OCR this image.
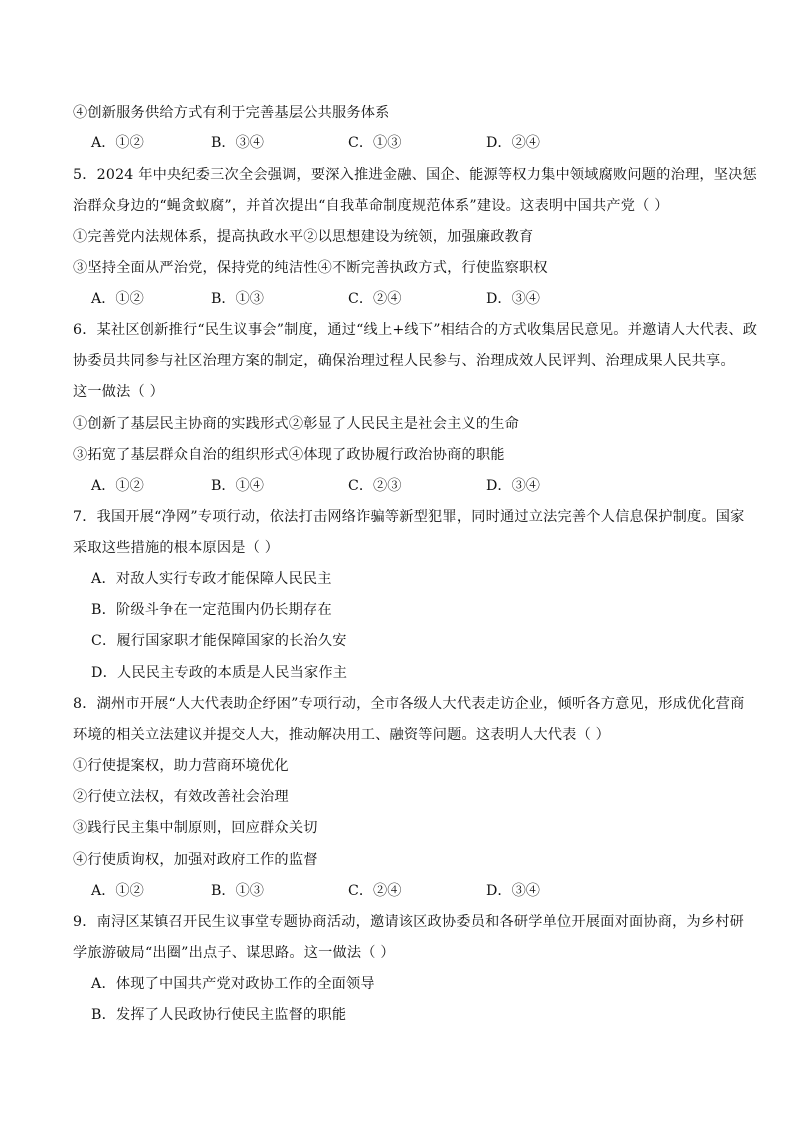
④创新服务供给方式有利于完善基层公共服务体系
A．①②	B．③④	C．①③	D．②④
5．2024 年中央纪委三次全会强调，要深入推进金融、国企、能源等权力集中领域腐败问题的治理，坚决惩
治群众身边的“蝇贪蚁腐”，并首次提出“自我革命制度规范体系”建设。这表明中国共产党（ ）
①完善党内法规体系，提高执政水平②以思想建设为统领，加强廉政教育
③坚持全面从严治党，保持党的纯洁性④不断完善执政方式，行使监察职权
A．①②	B．①③	C．②④	D．③④
6．某社区创新推行“民生议事会”制度，通过“线上+线下”相结合的方式收集居民意见。并邀请人大代表、政
协委员共同参与社区治理方案的制定，确保治理过程人民参与、治理成效人民评判、治理成果人民共享。
这一做法（ ）
①创新了基层民主协商的实践形式②彰显了人民民主是社会主义的生命
③拓宽了基层群众自治的组织形式④体现了政协履行政治协商的职能
A．①②	B．①④	C．②③	D．③④
7．我国开展“净网”专项行动，依法打击网络诈骗等新型犯罪，同时通过立法完善个人信息保护制度。国家
采取这些措施的根本原因是（ ）
A．对敌人实行专政才能保障人民民主
B．阶级斗争在一定范围内仍长期存在
C．履行国家职才能保障国家的长治久安
D．人民民主专政的本质是人民当家作主
8．湖州市开展“人大代表助企纾困”专项行动，全市各级人大代表走访企业，倾听各方意见，形成优化营商
环境的相关立法建议并提交人大，推动解决用工、融资等问题。这表明人大代表（ ）
①行使提案权，助力营商环境优化
②行使立法权，有效改善社会治理
③践行民主集中制原则，回应群众关切
④行使质询权，加强对政府工作的监督
A．①②	B．①③	C．②④	D．③④
9．南浔区某镇召开民生议事堂专题协商活动，邀请该区政协委员和各研学单位开展面对面协商，为乡村研
学旅游破局“出圈”出点子、谋思路。这一做法（ ）
A．体现了中国共产党对政协工作的全面领导
B．发挥了人民政协行使民主监督的职能
